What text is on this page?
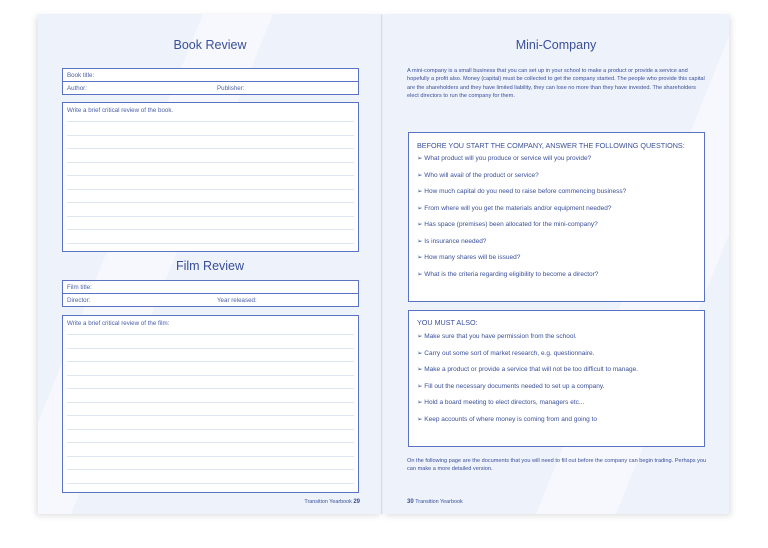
Book Review
Book title:
Author:	Publisher:
Write a brief critical review of the book.
Film Review
Film title:
Director:	Year released:
Write a brief critical review of the film:
Transition Yearbook 29
Mini-Company
A mini-company is a small business that you can set up in your school to make a product or provide a service and hopefully a profit also. Money (capital) must be collected to get the company started. The people who provide this capital are the shareholders and they have limited liability, they can lose no more than they have invested. The shareholders elect directors to run the company for them.
BEFORE YOU START THE COMPANY, ANSWER THE FOLLOWING QUESTIONS:
➢ What product will you produce or service will you provide?
➢ Who will avail of the product or service?
➢ How much capital do you need to raise before commencing business?
➢ From where will you get the materials and/or equipment needed?
➢ Has space (premises) been allocated for the mini-company?
➢ Is insurance needed?
➢ How many shares will be issued?
➢ What is the criteria regarding eligibility to become a director?
YOU MUST ALSO:
➢ Make sure that you have permission from the school.
➢ Carry out some sort of market research, e.g. questionnaire.
➢ Make a product or provide a service that will not be too difficult to manage.
➢ Fill out the necessary documents needed to set up a company.
➢ Hold a board meeting to elect directors, managers etc...
➢ Keep accounts of where money is coming from and going to
On the following page are the documents that you will need to fill out before the company can begin trading. Perhaps you can make a more detailed version.
30 Transition Yearbook
